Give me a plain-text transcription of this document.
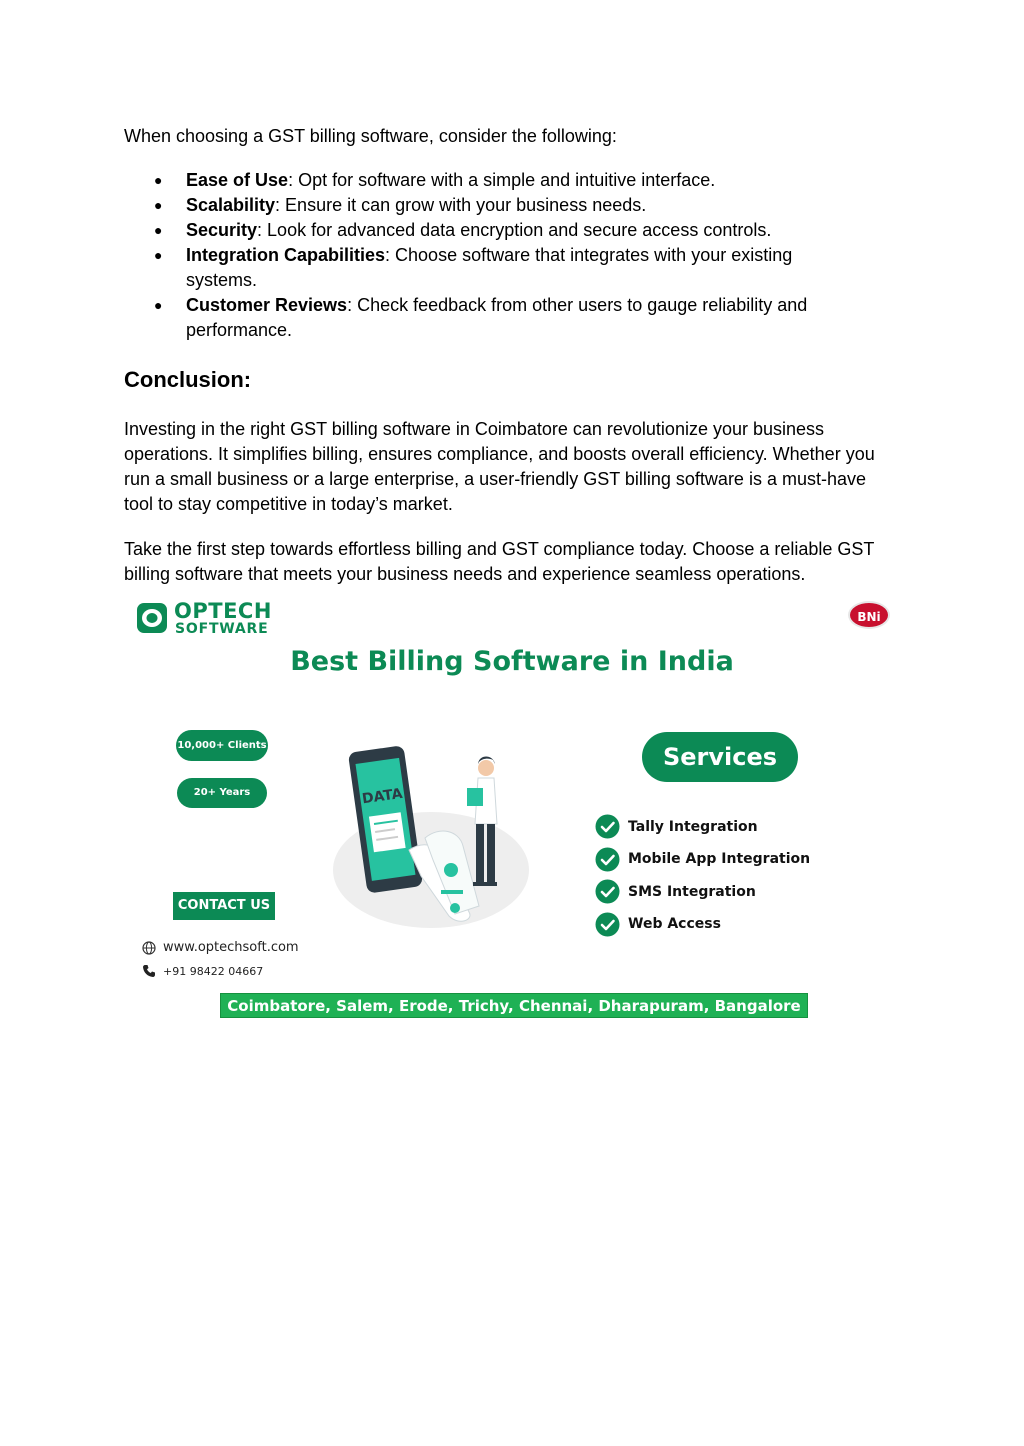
When choosing a GST billing software, consider the following:

● Ease of Use: Opt for software with a simple and intuitive interface.
● Scalability: Ensure it can grow with your business needs.
● Security: Look for advanced data encryption and secure access controls.
● Integration Capabilities: Choose software that integrates with your existing systems.
● Customer Reviews: Check feedback from other users to gauge reliability and performance.
Conclusion:

Investing in the right GST billing software in Coimbatore can revolutionize your business operations. It simplifies billing, ensures compliance, and boosts overall efficiency. Whether you run a small business or a large enterprise, a user-friendly GST billing software is a must-have tool to stay competitive in today’s market.

Take the first step towards effortless billing and GST compliance today. Choose a reliable GST billing software that meets your business needs and experience seamless operations.

OPTECH
SOFTWARE
BNi
Best Billing Software in India
10,000+ Clients
20+ Years
CONTACT US
www.optechsoft.com
+91 98422 04667
DATA
Services
Tally Integration
Mobile App Integration
SMS Integration
Web Access
Coimbatore, Salem, Erode, Trichy, Chennai, Dharapuram, Bangalore
